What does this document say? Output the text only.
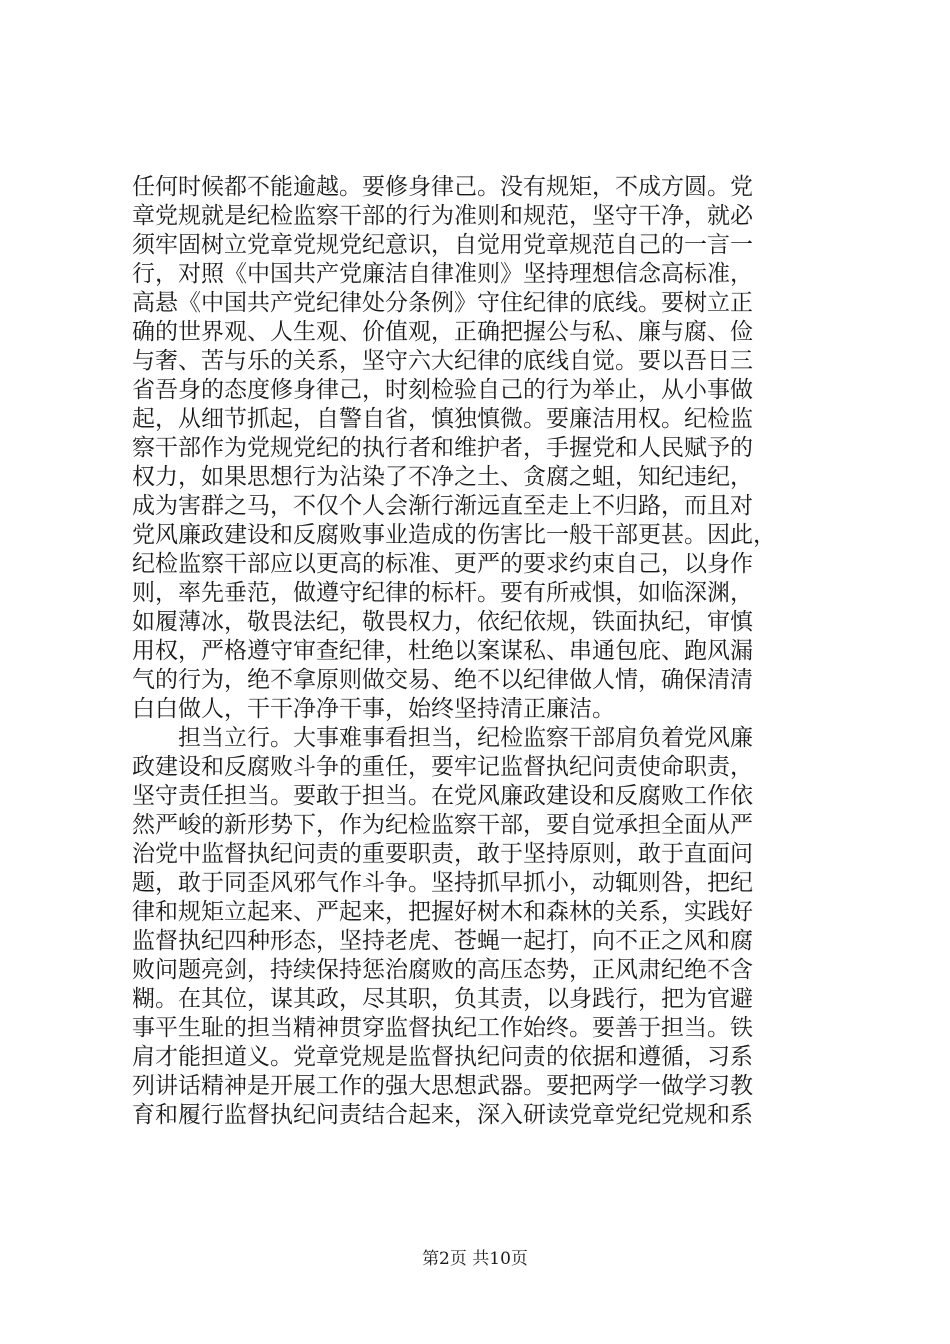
任何时候都不能逾越。要修身律己。没有规矩，不成方圆。党
章党规就是纪检监察干部的行为准则和规范，坚守干净，就必
须牢固树立党章党规党纪意识，自觉用党章规范自己的一言一
行，对照《中国共产党廉洁自律准则》坚持理想信念高标准，
高悬《中国共产党纪律处分条例》守住纪律的底线。要树立正
确的世界观、人生观、价值观，正确把握公与私、廉与腐、俭
与奢、苦与乐的关系，坚守六大纪律的底线自觉。要以吾日三
省吾身的态度修身律己，时刻检验自己的行为举止，从小事做
起，从细节抓起，自警自省，慎独慎微。要廉洁用权。纪检监
察干部作为党规党纪的执行者和维护者，手握党和人民赋予的
权力，如果思想行为沾染了不净之土、贪腐之蛆，知纪违纪，
成为害群之马，不仅个人会渐行渐远直至走上不归路，而且对
党风廉政建设和反腐败事业造成的伤害比一般干部更甚。因此，
纪检监察干部应以更高的标准、更严的要求约束自己，以身作
则，率先垂范，做遵守纪律的标杆。要有所戒惧，如临深渊，
如履薄冰，敬畏法纪，敬畏权力，依纪依规，铁面执纪，审慎
用权，严格遵守审查纪律，杜绝以案谋私、串通包庇、跑风漏
气的行为，绝不拿原则做交易、绝不以纪律做人情，确保清清
白白做人，干干净净干事，始终坚持清正廉洁。
担当立行。大事难事看担当，纪检监察干部肩负着党风廉
政建设和反腐败斗争的重任，要牢记监督执纪问责使命职责，
坚守责任担当。要敢于担当。在党风廉政建设和反腐败工作依
然严峻的新形势下，作为纪检监察干部，要自觉承担全面从严
治党中监督执纪问责的重要职责，敢于坚持原则，敢于直面问
题，敢于同歪风邪气作斗争。坚持抓早抓小，动辄则咎，把纪
律和规矩立起来、严起来，把握好树木和森林的关系，实践好
监督执纪四种形态，坚持老虎、苍蝇一起打，向不正之风和腐
败问题亮剑，持续保持惩治腐败的高压态势，正风肃纪绝不含
糊。在其位，谋其政，尽其职，负其责，以身践行，把为官避
事平生耻的担当精神贯穿监督执纪工作始终。要善于担当。铁
肩才能担道义。党章党规是监督执纪问责的依据和遵循，习系
列讲话精神是开展工作的强大思想武器。要把两学一做学习教
育和履行监督执纪问责结合起来，深入研读党章党纪党规和系
第2页 共10页
